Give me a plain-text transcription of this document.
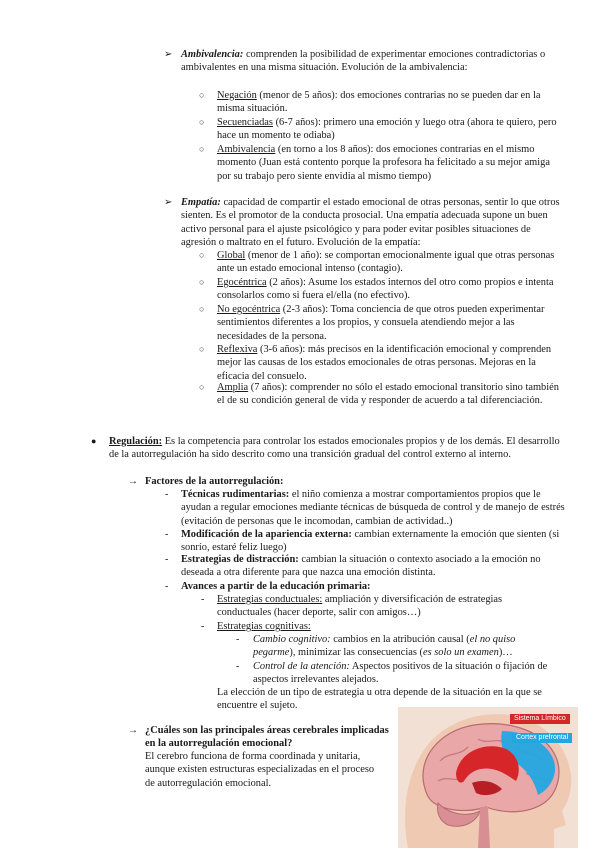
➢ Ambivalencia: comprenden la posibilidad de experimentar emociones contradictorias o ambivalentes en una misma situación. Evolución de la ambivalencia:
○ Negación (menor de 5 años): dos emociones contrarias no se pueden dar en la misma situación.
○ Secuenciadas (6-7 años): primero una emoción y luego otra (ahora te quiero, pero hace un momento te odiaba)
○ Ambivalencia (en torno a los 8 años): dos emociones contrarias en el mismo momento (Juan está contento porque la profesora ha felicitado a su mejor amiga por su trabajo pero siente envidia al mismo tiempo)
➢ Empatía: capacidad de compartir el estado emocional de otras personas, sentir lo que otros sienten. Es el promotor de la conducta prosocial. Una empatía adecuada supone un buen activo personal para el ajuste psicológico y para poder evitar posibles situaciones de agresión o maltrato en el futuro. Evolución de la empatía:
○ Global (menor de 1 año): se comportan emocionalmente igual que otras personas ante un estado emocional intenso (contagio).
○ Egocéntrica (2 años): Asume los estados internos del otro como propios e intenta consolarlos como si fuera el/ella (no efectivo).
○ No egocéntrica (2-3 años): Toma conciencia de que otros pueden experimentar sentimientos diferentes a los propios, y consuela atendiendo mejor a las necesidades de la persona.
○ Reflexiva (3-6 años): más precisos en la identificación emocional y comprenden mejor las causas de los estados emocionales de otras personas. Mejoras en la eficacia del consuelo.
○ Amplia (7 años): comprender no sólo el estado emocional transitorio sino también el de su condición general de vida y responder de acuerdo a tal diferenciación.
● Regulación: Es la competencia para controlar los estados emocionales propios y de los demás. El desarrollo de la autorregulación ha sido descrito como una transición gradual del control externo al interno.
→ Factores de la autorregulación:
- Técnicas rudimentarias: el niño comienza a mostrar comportamientos propios que le ayudan a regular emociones mediante técnicas de búsqueda de control y de manejo de estrés (evitación de personas que le incomodan, cambian de actividad..)
- Modificación de la apariencia externa: cambian externamente la emoción que sienten (si sonrío, estaré feliz luego)
- Estrategias de distracción: cambian la situación o contexto asociado a la emoción no deseada a otra diferente para que nazca una emoción distinta.
- Avances a partir de la educación primaria:
- Estrategias conductuales: ampliación y diversificación de estrategias conductuales (hacer deporte, salir con amigos…)
- Estrategias cognitivas:
- Cambio cognitivo: cambios en la atribución causal (el no quiso pegarme), minimizar las consecuencias (es solo un examen)…
- Control de la atención: Aspectos positivos de la situación o fijación de aspectos irrelevantes alejados.
La elección de un tipo de estrategia u otra depende de la situación en la que se encuentre el sujeto.
→ ¿Cuáles son las principales áreas cerebrales implicadas en la autorregulación emocional?
El cerebro funciona de forma coordinada y unitaria, aunque existen estructuras especializadas en el proceso de autorregulación emocional.
Sistema Límbico
Cortex prefrontal
